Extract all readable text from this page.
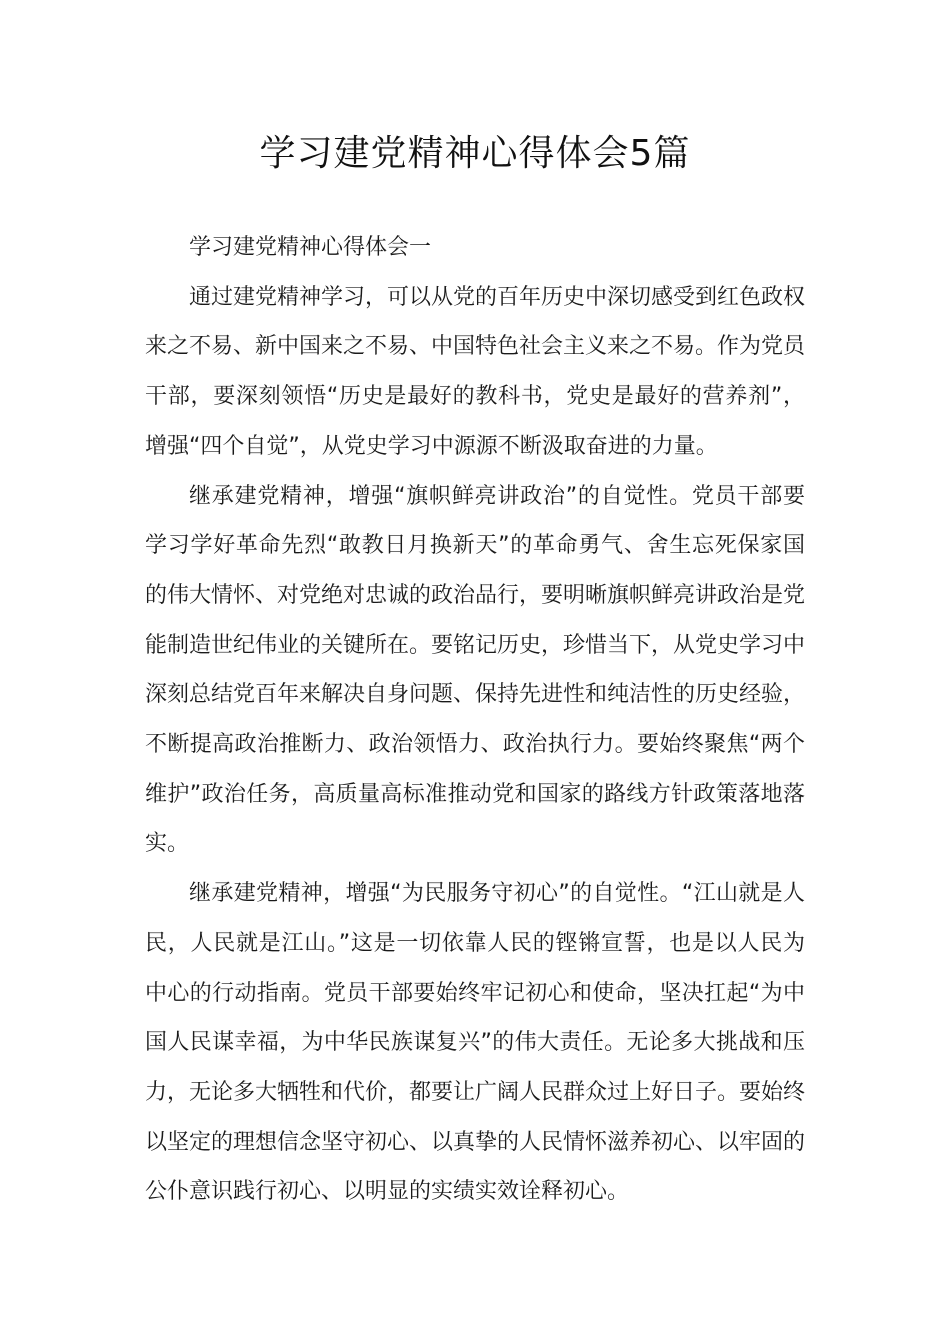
学习建党精神心得体会5篇

学习建党精神心得体会一

通过建党精神学习，可以从党的百年历史中深切感受到红色政权来之不易、新中国来之不易、中国特色社会主义来之不易。作为党员干部，要深刻领悟“历史是最好的教科书，党史是最好的营养剂”，增强“四个自觉”，从党史学习中源源不断汲取奋进的力量。

继承建党精神，增强“旗帜鲜亮讲政治”的自觉性。党员干部要学习学好革命先烈“敢教日月换新天”的革命勇气、舍生忘死保家国的伟大情怀、对党绝对忠诚的政治品行，要明晰旗帜鲜亮讲政治是党能制造世纪伟业的关键所在。要铭记历史，珍惜当下，从党史学习中深刻总结党百年来解决自身问题、保持先进性和纯洁性的历史经验，不断提高政治推断力、政治领悟力、政治执行力。要始终聚焦“两个维护”政治任务，高质量高标准推动党和国家的路线方针政策落地落实。

继承建党精神，增强“为民服务守初心”的自觉性。“江山就是人民，人民就是江山。”这是一切依靠人民的铿锵宣誓，也是以人民为中心的行动指南。党员干部要始终牢记初心和使命，坚决扛起“为中国人民谋幸福，为中华民族谋复兴”的伟大责任。无论多大挑战和压力，无论多大牺牲和代价，都要让广阔人民群众过上好日子。要始终以坚定的理想信念坚守初心、以真挚的人民情怀滋养初心、以牢固的公仆意识践行初心、以明显的实绩实效诠释初心。
